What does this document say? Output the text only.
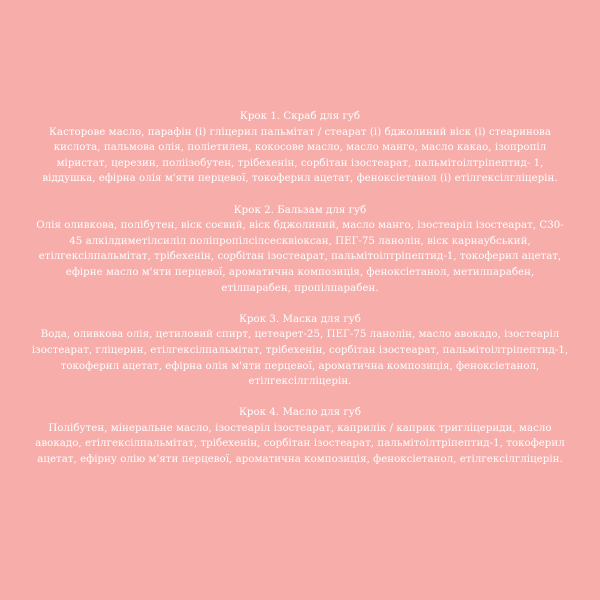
Крок 1. Скраб для губ
Касторове масло, парафін (і) гліцерил пальмітат / стеарат (і) бджолиний віск (і) стеаринова кислота, пальмова олія, поліетилен, кокосове масло, масло манго, масло какао, ізопропіл міристат, церезин, поліізобутен, трібехенін, сорбітан ізостеарат, пальмітоілтріпептид- 1, віддушка, ефірна олія м'яти перцевої, токоферил ацетат, феноксіетанол (і) етілгексілгліцерін.
Крок 2. Бальзам для губ
Олія оливкова, полібутен, віск соєвий, віск бджолиний, масло манго, ізостеаріл ізостеарат, C30-45 алкілдиметілсиліл поліпропілсілсесквіоксан, ПЕГ-75 ланолін, віск карнаубський, етілгексілпальмітат, трібехенін, сорбітан ізостеарат, пальмітоілтріпептид-1, токоферил ацетат, ефірне масло м'яти перцевої, ароматична композиція, феноксіетанол, метилпарабен, етілпарабен, пропілпарабен.
Крок 3. Маска для губ
Вода, оливкова олія, цетиловий спирт, цетеарет-25, ПЕГ-75 ланолін, масло авокадо, ізостеаріл ізостеарат, гліцерин, етілгексілпальмітат, трібехенін, сорбітан ізостеарат, пальмітоілтріпептид-1, токоферил ацетат, ефірна олія м'яти перцевої, ароматична композиція, феноксіетанол, етілгексілгліцерін.
Крок 4. Масло для губ
Полібутен, мінеральне масло, ізостеаріл ізостеарат, каприлік / каприк тригліцериди, масло авокадо, етілгексілпальмітат, трібехенін, сорбітан ізостеарат, пальмітоілтріпептид-1, токоферил ацетат, ефірну олію м'яти перцевої, ароматична композиція, феноксіетанол, етілгексілгліцерін.
